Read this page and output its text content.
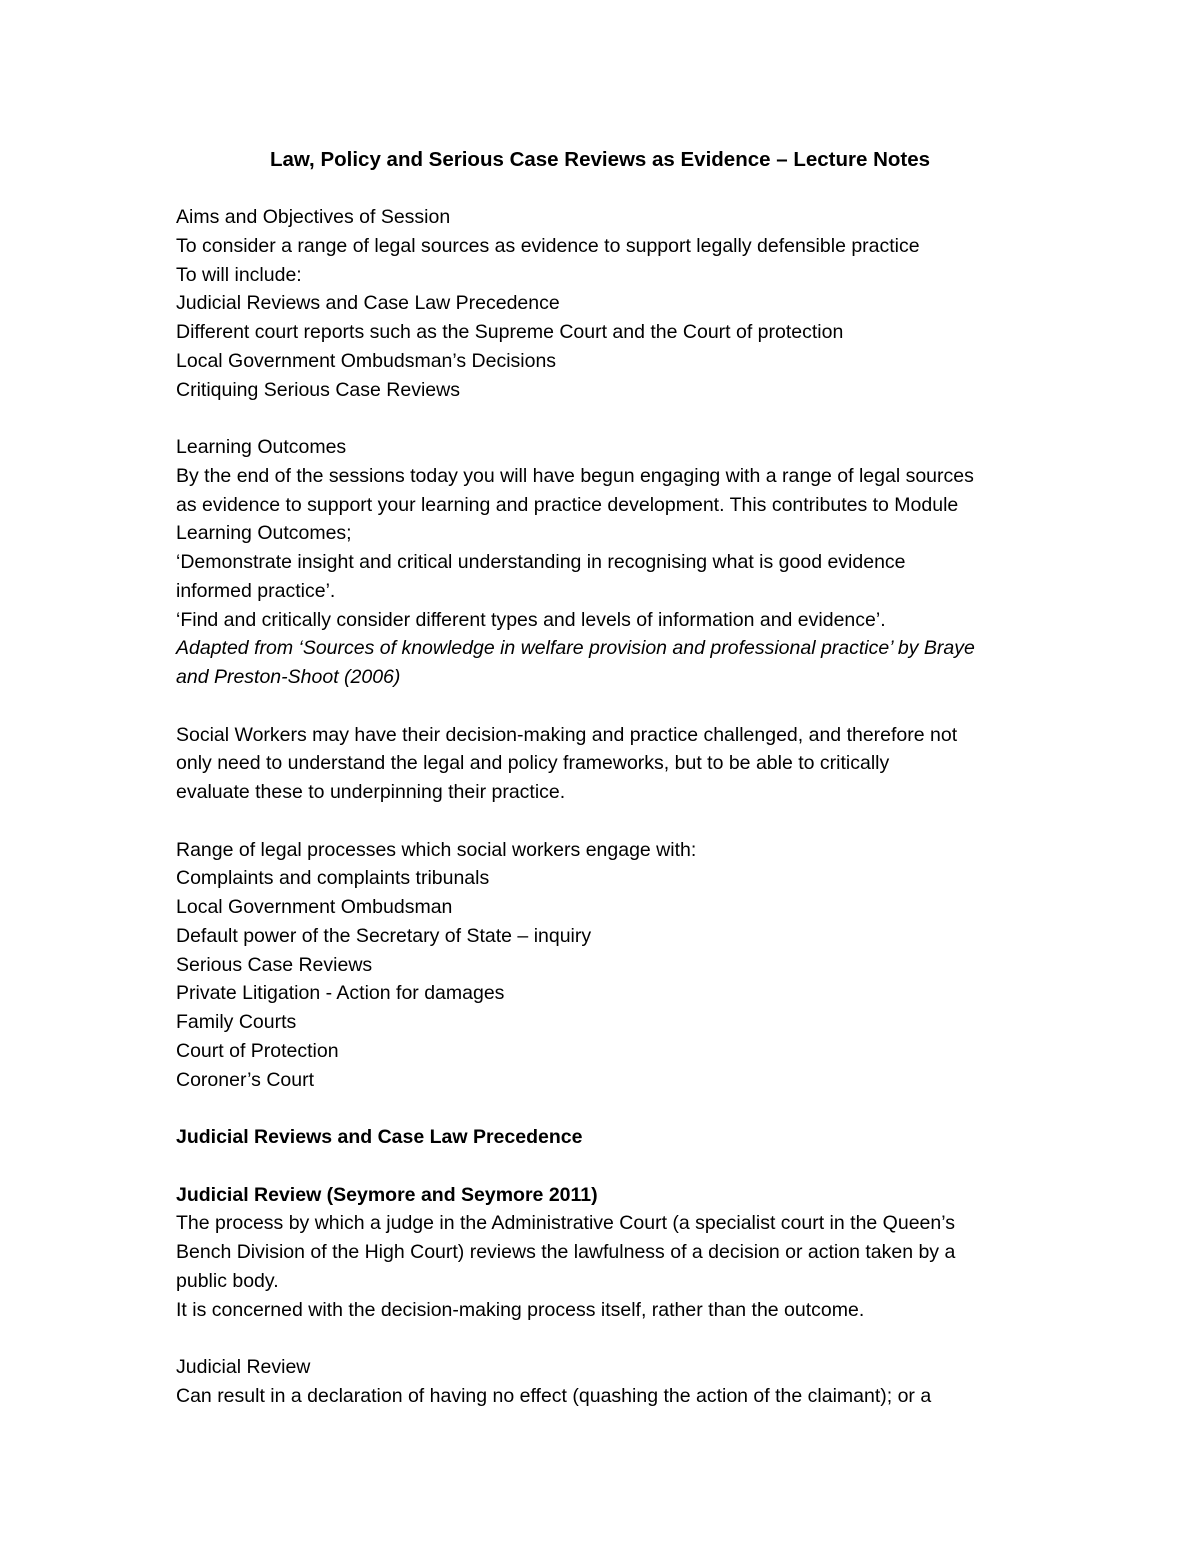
Law, Policy and Serious Case Reviews as Evidence – Lecture Notes
Aims and Objectives of Session
To consider a range of legal sources as evidence to support legally defensible practice
To will include:
Judicial Reviews and Case Law Precedence
Different court reports such as the Supreme Court and the Court of protection
Local Government Ombudsman’s Decisions
Critiquing Serious Case Reviews
Learning Outcomes
By the end of the sessions today you will have begun engaging with a range of legal sources
as evidence to support your learning and practice development. This contributes to Module
Learning Outcomes;
‘Demonstrate insight and critical understanding in recognising what is good evidence
informed practice’.
‘Find and critically consider different types and levels of information and evidence’.
Adapted from ‘Sources of knowledge in welfare provision and professional practice’ by Braye
and Preston-Shoot (2006)
Social Workers may have their decision-making and practice challenged, and therefore not
only need to understand the legal and policy frameworks, but to be able to critically
evaluate these to underpinning their practice.
Range of legal processes which social workers engage with:
Complaints and complaints tribunals
Local Government Ombudsman
Default power of the Secretary of State – inquiry
Serious Case Reviews
Private Litigation - Action for damages
Family Courts
Court of Protection
Coroner’s Court
Judicial Reviews and Case Law Precedence
Judicial Review (Seymore and Seymore 2011)
The process by which a judge in the Administrative Court (a specialist court in the Queen’s
Bench Division of the High Court) reviews the lawfulness of a decision or action taken by a
public body.
It is concerned with the decision-making process itself, rather than the outcome.
Judicial Review
Can result in a declaration of having no effect (quashing the action of the claimant); or a
